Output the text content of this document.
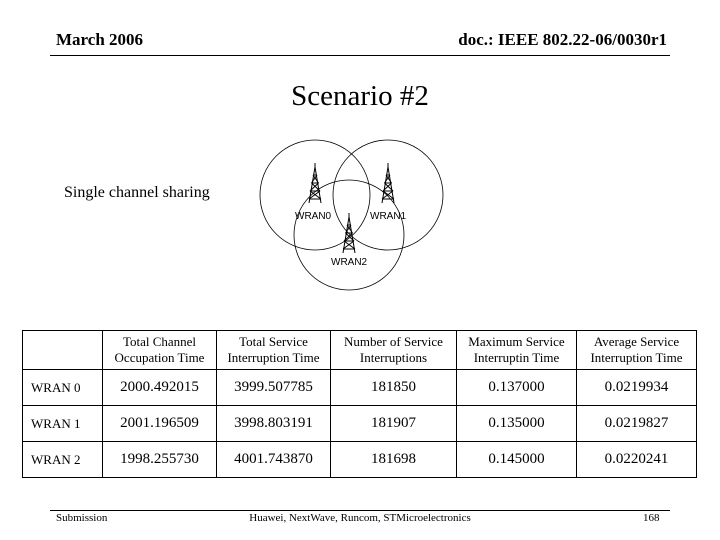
March 2006	doc.: IEEE 802.22-06/0030r1
Scenario #2
Single channel sharing
WRAN0	WRAN1
WRAN2
	Total Channel Occupation Time	Total Service Interruption Time	Number of Service Interruptions	Maximum Service Interruptin Time	Average Service Interruption Time
WRAN 0	2000.492015	3999.507785	181850	0.137000	0.0219934
WRAN 1	2001.196509	3998.803191	181907	0.135000	0.0219827
WRAN 2	1998.255730	4001.743870	181698	0.145000	0.0220241
Submission	Huawei, NextWave, Runcom, STMicroelectronics	168
